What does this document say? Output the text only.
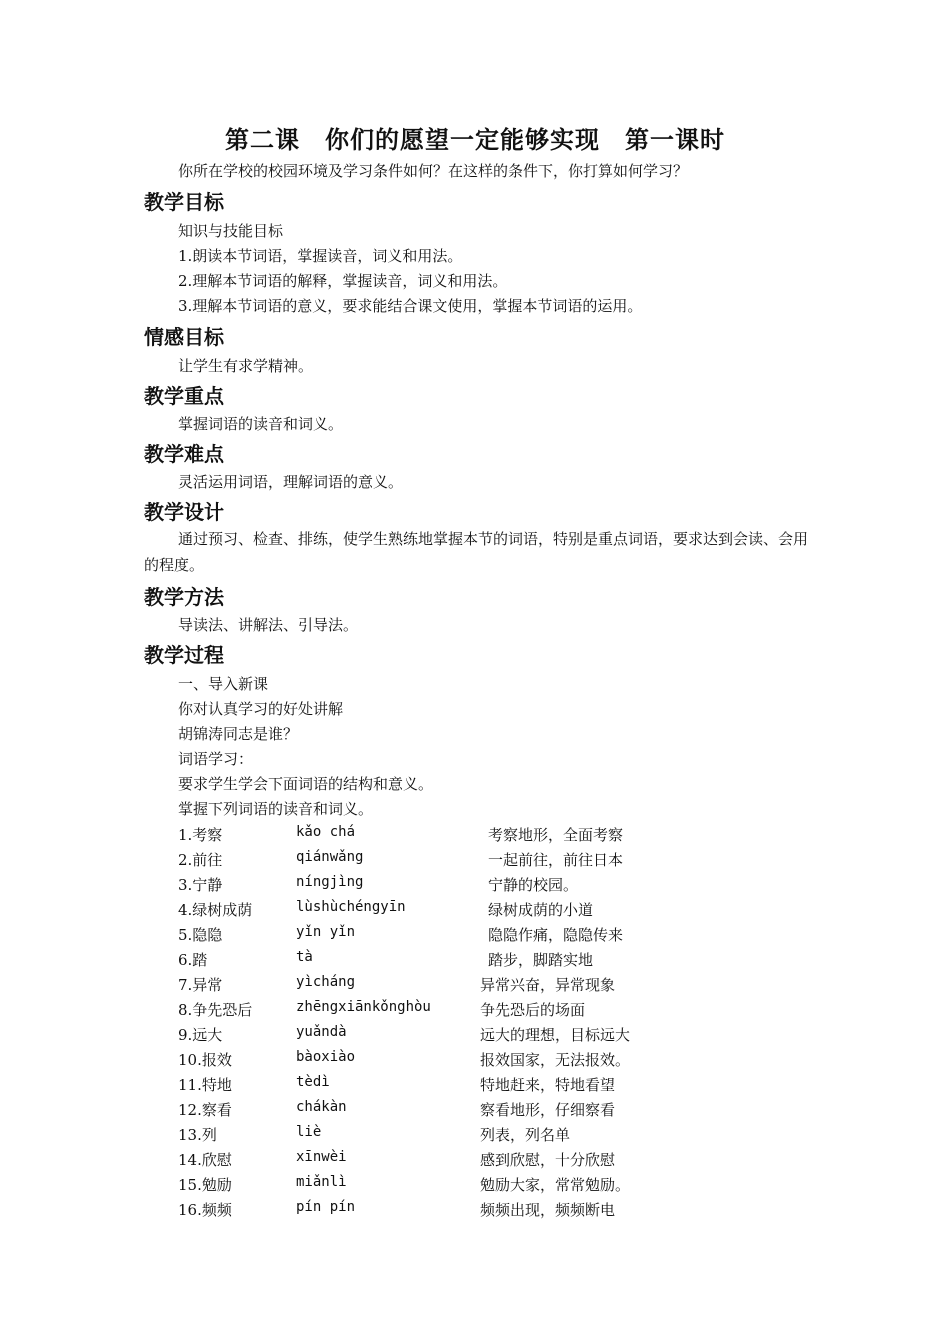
第二课　你们的愿望一定能够实现　第一课时
你所在学校的校园环境及学习条件如何？在这样的条件下，你打算如何学习？
教学目标
知识与技能目标
1.朗读本节词语，掌握读音，词义和用法。
2.理解本节词语的解释，掌握读音，词义和用法。
3.理解本节词语的意义，要求能结合课文使用，掌握本节词语的运用。
情感目标
让学生有求学精神。
教学重点
掌握词语的读音和词义。
教学难点
灵活运用词语，理解词语的意义。
教学设计
通过预习、检查、排练，使学生熟练地掌握本节的词语，特别是重点词语，要求达到会读、会用的程度。
教学方法
导读法、讲解法、引导法。
教学过程
一、导入新课
你对认真学习的好处讲解
胡锦涛同志是谁？
词语学习：
要求学生学会下面词语的结构和意义。
掌握下列词语的读音和词义。
1.考察	kǎo chá	考察地形，全面考察
2.前往	qiánwǎng	一起前往，前往日本
3.宁静	níngjìng	宁静的校园。
4.绿树成荫	lùshùchéngyīn	绿树成荫的小道
5.隐隐	yǐn yǐn	隐隐作痛，隐隐传来
6.踏	tà	踏步，脚踏实地
7.异常	yìcháng	异常兴奋，异常现象
8.争先恐后	zhēngxiānkǒnghòu	争先恐后的场面
9.远大	yuǎndà	远大的理想，目标远大
10.报效	bàoxiào	报效国家，无法报效。
11.特地	tèdì	特地赶来，特地看望
12.察看	chákàn	察看地形，仔细察看
13.列	liè	列表，列名单
14.欣慰	xīnwèi	感到欣慰，十分欣慰
15.勉励	miǎnlì	勉励大家，常常勉励。
16.频频	pín pín	频频出现，频频断电
